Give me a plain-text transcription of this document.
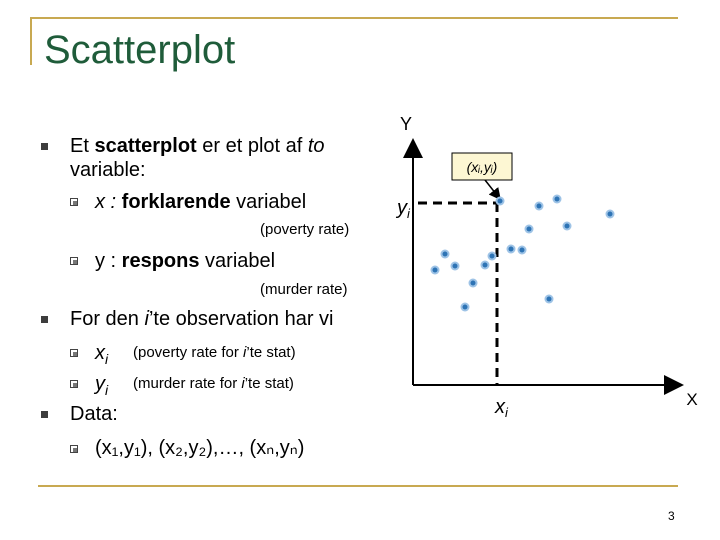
Scatterplot
Et scatterplot er et plot af to
variable:
x : forklarende variabel
(poverty rate)
y : respons variabel
(murder rate)
For den i’te observation har vi
$x_i$ (poverty rate for i’te stat)
$y_i$ (murder rate for i’te stat)
Data:
(x₁,y₁), (x₂,y₂),…, (xₙ,yₙ)
(xᵢ,yᵢ)
Y
X
$y_i$
$x_i$
3
